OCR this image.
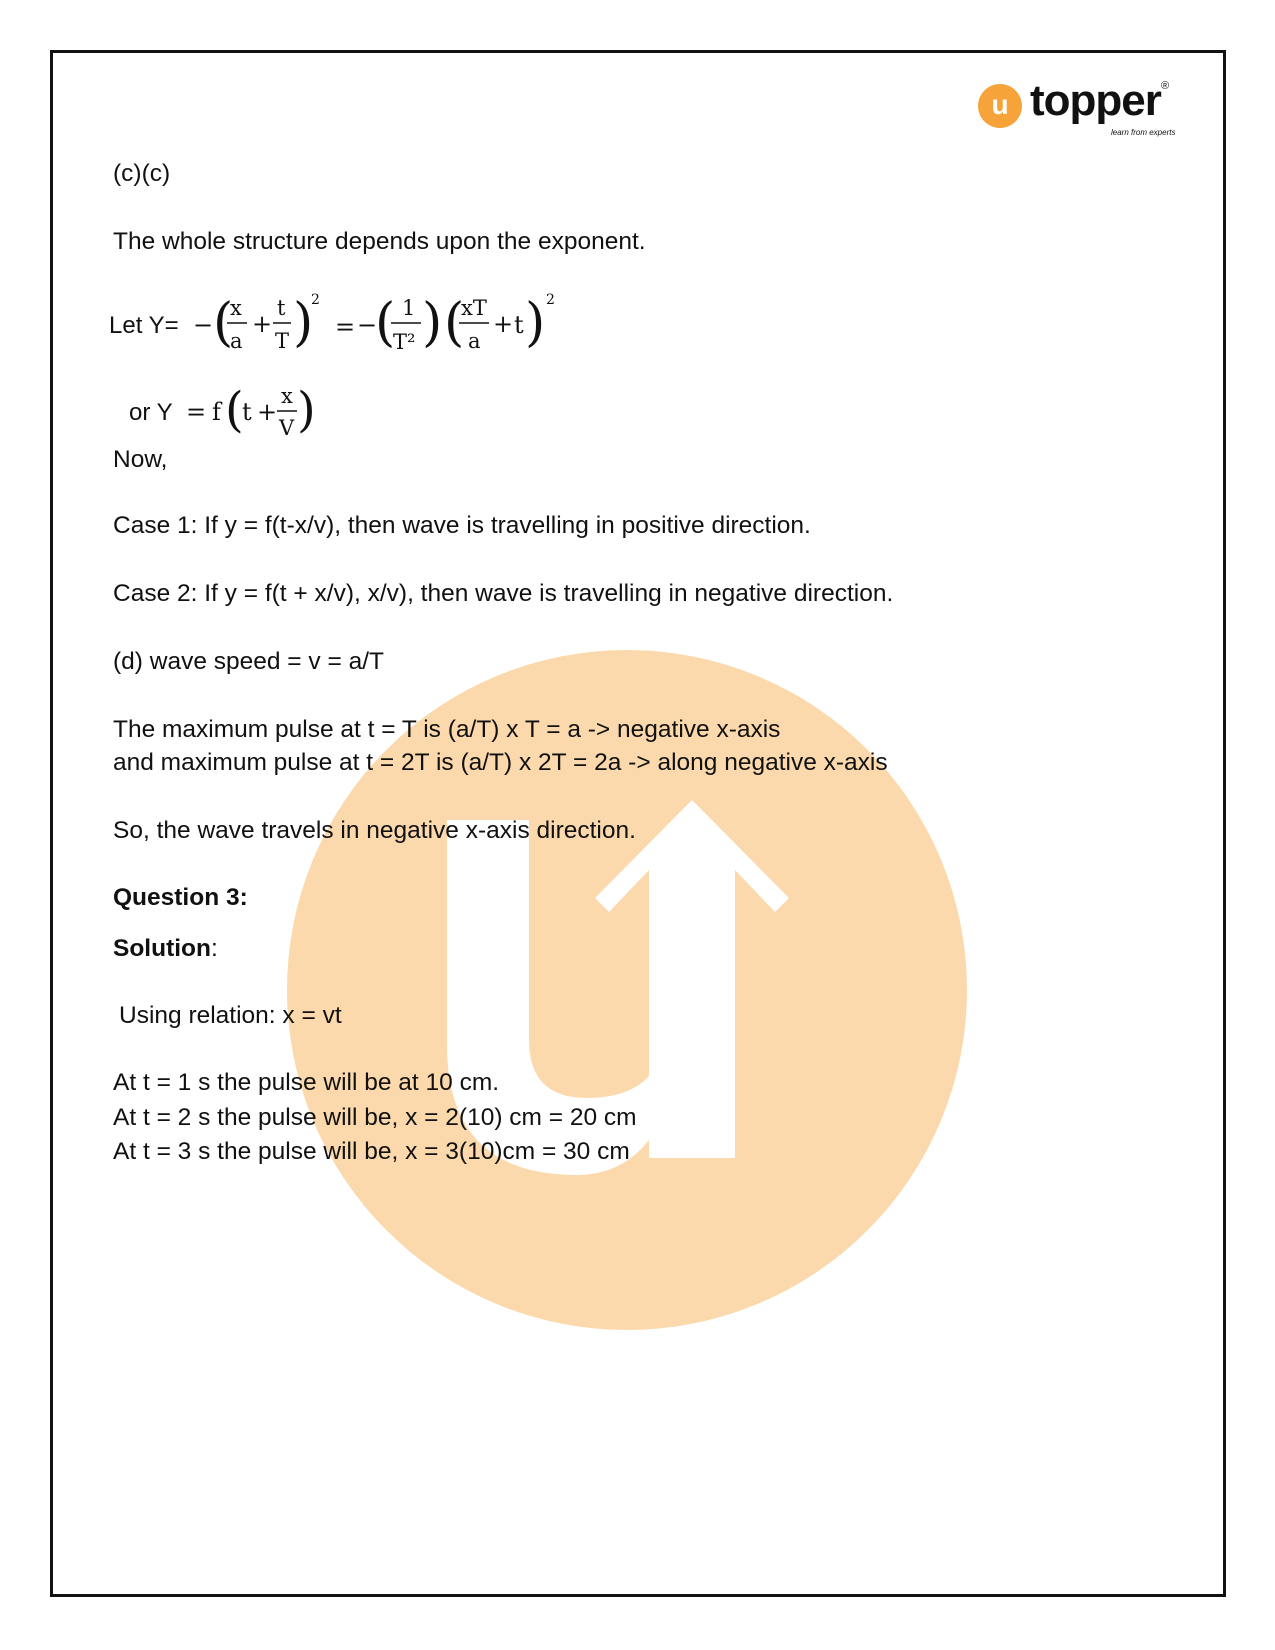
u topper ®
learn from experts
(c)(c)
The whole structure depends upon the exponent.
Let Y= − (
x
a
+
t
T )
2
= −
( 1
T² ) (
xT
a
+ t ) 2
or Y = f (
t +
x
V )
Now,
Case 1: If y = f(t-x/v), then wave is travelling in positive direction.
Case 2: If y = f(t + x/v), x/v), then wave is travelling in negative direction.
(d) wave speed = v = a/T
The maximum pulse at t = T is (a/T) x T = a -> negative x-axis
and maximum pulse at t = 2T is (a/T) x 2T = 2a -> along negative x-axis
So, the wave travels in negative x-axis direction.
Question 3:
Solution:
Using relation: x = vt
At t = 1 s the pulse will be at 10 cm.
At t = 2 s the pulse will be, x = 2(10) cm = 20 cm
At t = 3 s the pulse will be, x = 3(10)cm = 30 cm
